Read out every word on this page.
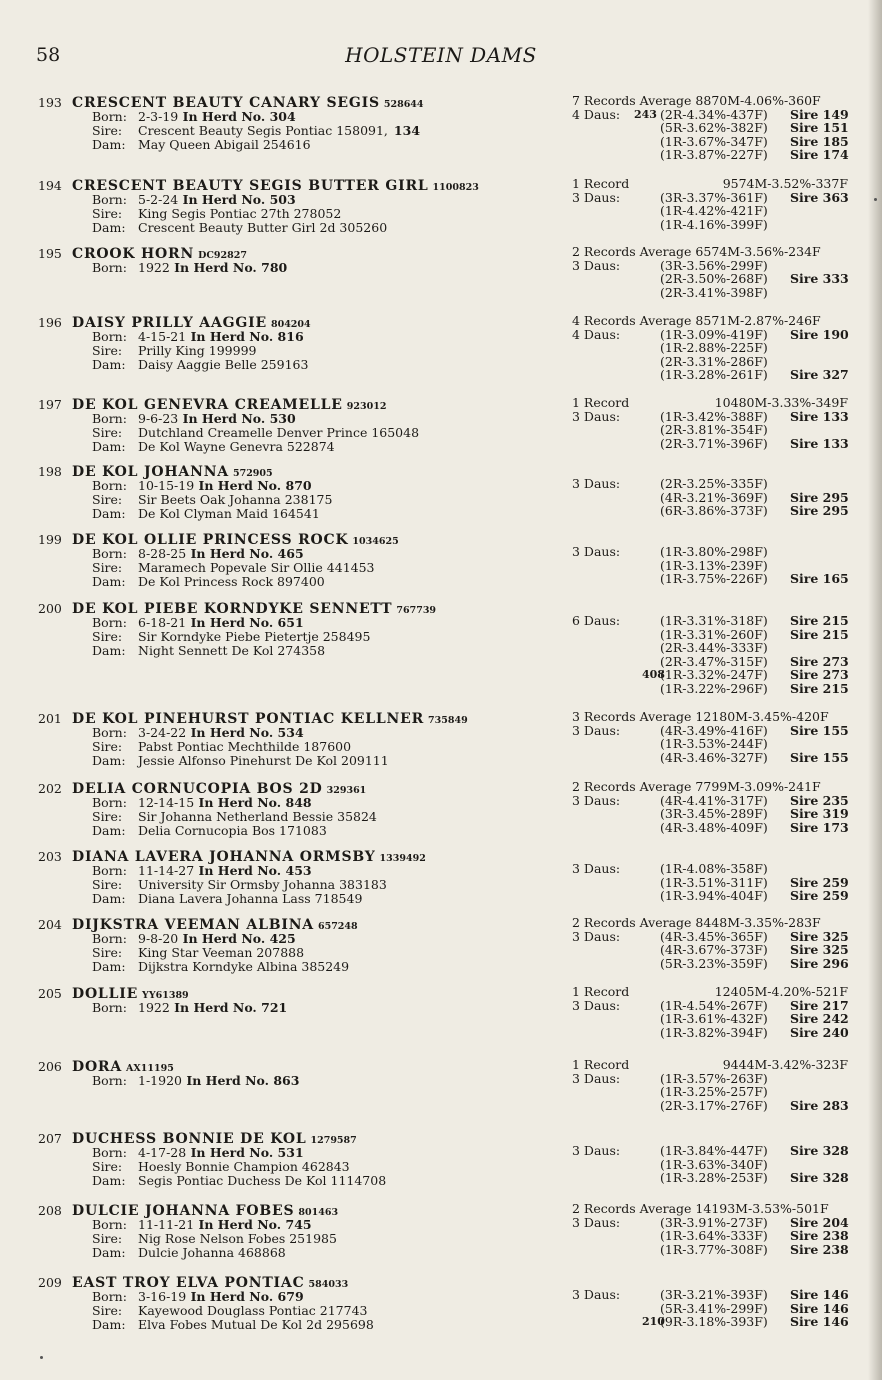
58	HOLSTEIN DAMS
193 CRESCENT BEAUTY CANARY SEGIS 528644
Born: 2-3-19 In Herd No. 304
Sire: Crescent Beauty Segis Pontiac 158091, 134
Dam: May Queen Abigail 254616
7 Records Average 8870M-4.06%-360F
4 Daus: 243 (2R-4.34%-437F) Sire 149
(5R-3.62%-382F) Sire 151
(1R-3.67%-347F) Sire 185
(1R-3.87%-227F) Sire 174
194 CRESCENT BEAUTY SEGIS BUTTER GIRL 1100823
Born: 5-2-24 In Herd No. 503
Sire: King Segis Pontiac 27th 278052
Dam: Crescent Beauty Butter Girl 2d 305260
1 Record	9574M-3.52%-337F
3 Daus:	(3R-3.37%-361F) Sire 363
(1R-4.42%-421F)
(1R-4.16%-399F)
195 CROOK HORN DC92827
Born: 1922 In Herd No. 780
2 Records Average 6574M-3.56%-234F
3 Daus:	(3R-3.56%-299F)
(2R-3.50%-268F) Sire 333
(2R-3.41%-398F)
196 DAISY PRILLY AAGGIE 804204
Born: 4-15-21 In Herd No. 816
Sire: Prilly King 199999
Dam: Daisy Aaggie Belle 259163
4 Records Average 8571M-2.87%-246F
4 Daus:	(1R-3.09%-419F) Sire 190
(1R-2.88%-225F)
(2R-3.31%-286F)
(1R-3.28%-261F) Sire 327
197 DE KOL GENEVRA CREAMELLE 923012
Born: 9-6-23 In Herd No. 530
Sire: Dutchland Creamelle Denver Prince 165048
Dam: De Kol Wayne Genevra 522874
1 Record	10480M-3.33%-349F
3 Daus:	(1R-3.42%-388F) Sire 133
(2R-3.81%-354F)
(2R-3.71%-396F) Sire 133
198 DE KOL JOHANNA 572905
Born: 10-15-19 In Herd No. 870
Sire: Sir Beets Oak Johanna 238175
Dam: De Kol Clyman Maid 164541
3 Daus:	(2R-3.25%-335F)
(4R-3.21%-369F) Sire 295
(6R-3.86%-373F) Sire 295
199 DE KOL OLLIE PRINCESS ROCK 1034625
Born: 8-28-25 In Herd No. 465
Sire: Maramech Popevale Sir Ollie 441453
Dam: De Kol Princess Rock 897400
3 Daus:	(1R-3.80%-298F)
(1R-3.13%-239F)
(1R-3.75%-226F) Sire 165
200 DE KOL PIEBE KORNDYKE SENNETT 767739
Born: 6-18-21 In Herd No. 651
Sire: Sir Korndyke Piebe Pietertje 258495
Dam: Night Sennett De Kol 274358
6 Daus:	(1R-3.31%-318F) Sire 215
(1R-3.31%-260F) Sire 215
(2R-3.44%-333F)
(2R-3.47%-315F) Sire 273
408
(1R-3.32%-247F) Sire 273
(1R-3.22%-296F) Sire 215
201 DE KOL PINEHURST PONTIAC KELLNER 735849
Born: 3-24-22 In Herd No. 534
Sire: Pabst Pontiac Mechthilde 187600
Dam: Jessie Alfonso Pinehurst De Kol 209111
3 Records Average 12180M-3.45%-420F
3 Daus:	(4R-3.49%-416F) Sire 155
(1R-3.53%-244F)
(4R-3.46%-327F) Sire 155
202 DELIA CORNUCOPIA BOS 2D 329361
Born: 12-14-15 In Herd No. 848
Sire: Sir Johanna Netherland Bessie 35824
Dam: Delia Cornucopia Bos 171083
2 Records Average 7799M-3.09%-241F
3 Daus:	(4R-4.41%-317F) Sire 235
(3R-3.45%-289F) Sire 319
(4R-3.48%-409F) Sire 173
203 DIANA LAVERA JOHANNA ORMSBY 1339492
Born: 11-14-27 In Herd No. 453
Sire: University Sir Ormsby Johanna 383183
Dam: Diana Lavera Johanna Lass 718549
3 Daus:	(1R-4.08%-358F)
(1R-3.51%-311F) Sire 259
(1R-3.94%-404F) Sire 259
204 DIJKSTRA VEEMAN ALBINA 657248
Born: 9-8-20 In Herd No. 425
Sire: King Star Veeman 207888
Dam: Dijkstra Korndyke Albina 385249
2 Records Average 8448M-3.35%-283F
3 Daus:	(4R-3.45%-365F) Sire 325
(4R-3.67%-373F) Sire 325
(5R-3.23%-359F) Sire 296
205 DOLLIE YY61389
Born: 1922 In Herd No. 721
1 Record	12405M-4.20%-521F
3 Daus:	(1R-4.54%-267F) Sire 217
(1R-3.61%-432F) Sire 242
(1R-3.82%-394F) Sire 240
206 DORA AX11195
Born: 1-1920 In Herd No. 863
1 Record	9444M-3.42%-323F
3 Daus:	(1R-3.57%-263F)
(1R-3.25%-257F)
(2R-3.17%-276F) Sire 283
207 DUCHESS BONNIE DE KOL 1279587
Born: 4-17-28 In Herd No. 531
Sire: Hoesly Bonnie Champion 462843
Dam: Segis Pontiac Duchess De Kol 1114708
3 Daus:	(1R-3.84%-447F) Sire 328
(1R-3.63%-340F)
(1R-3.28%-253F) Sire 328
208 DULCIE JOHANNA FOBES 801463
Born: 11-11-21 In Herd No. 745
Sire: Nig Rose Nelson Fobes 251985
Dam: Dulcie Johanna 468868
2 Records Average 14193M-3.53%-501F
3 Daus:	(3R-3.91%-273F) Sire 204
(1R-3.64%-333F) Sire 238
(1R-3.77%-308F) Sire 238
209 EAST TROY ELVA PONTIAC 584033
Born: 3-16-19 In Herd No. 679
Sire: Kayewood Douglass Pontiac 217743
Dam: Elva Fobes Mutual De Kol 2d 295698
3 Daus:	(3R-3.21%-393F) Sire 146
(5R-3.41%-299F) Sire 146
210
(9R-3.18%-393F) Sire 146
